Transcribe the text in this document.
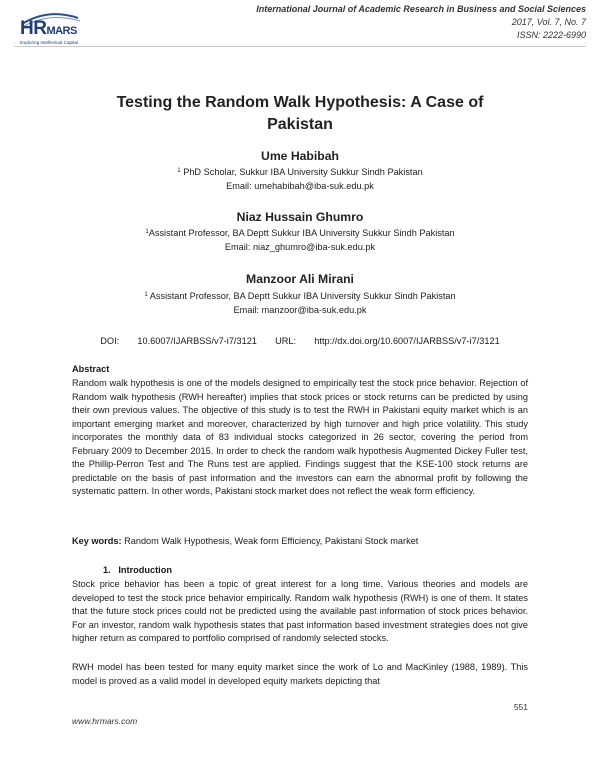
HRMARS
Exploring Intellectual Capital
International Journal of Academic Research in Business and Social Sciences
2017, Vol. 7, No. 7
ISSN: 2222-6990
Testing the Random Walk Hypothesis: A Case of
Pakistan
Ume Habibah
$^1$ PhD Scholar, Sukkur IBA University Sukkur Sindh Pakistan
Email: umehabibah@iba-suk.edu.pk
Niaz Hussain Ghumro
$^1$Assistant Professor, BA Deptt Sukkur IBA University Sukkur Sindh Pakistan
Email: niaz_ghumro@iba-suk.edu.pk
Manzoor Ali Mirani
$^1$ Assistant Professor, BA Deptt Sukkur IBA University Sukkur Sindh Pakistan
Email: manzoor@iba-suk.edu.pk
DOI: 10.6007/IJARBSS/v7-i7/3121 URL: http://dx.doi.org/10.6007/IJARBSS/v7-i7/3121
Abstract
Random walk hypothesis is one of the models designed to empirically test the stock price behavior. Rejection of Random walk hypothesis (RWH hereafter) implies that stock prices or stock returns can be predicted by using their own previous values. The objective of this study is to test the RWH in Pakistani equity market which is an important emerging market and moreover, characterized by high turnover and high price volatility. This study incorporates the monthly data of 83 individual stocks categorized in 26 sector, covering the period from February 2009 to December 2015. In order to check the random walk hypothesis Augmented Dickey Fuller test, the Phillip-Perron Test and The Runs test are applied. Findings suggest that the KSE-100 stock returns are predictable on the basis of past information and the investors can earn the abnormal profit by following the systematic pattern. In other words, Pakistani stock market does not reflect the weak form efficiency.
Key words: Random Walk Hypothesis, Weak form Efficiency, Pakistani Stock market
1. Introduction
Stock price behavior has been a topic of great interest for a long time. Various theories and models are developed to test the stock price behavior empirically. Random walk hypothesis (RWH) is one of them. It states that the future stock prices could not be predicted using the available past information of stock prices behavior. For an investor, random walk hypothesis states that past information based investment strategies does not give higher return as compared to portfolio comprised of randomly selected stocks.
RWH model has been tested for many equity market since the work of Lo and MacKinley (1988, 1989). This model is proved as a valid model in developed equity markets depicting that
551
www.hrmars.com
